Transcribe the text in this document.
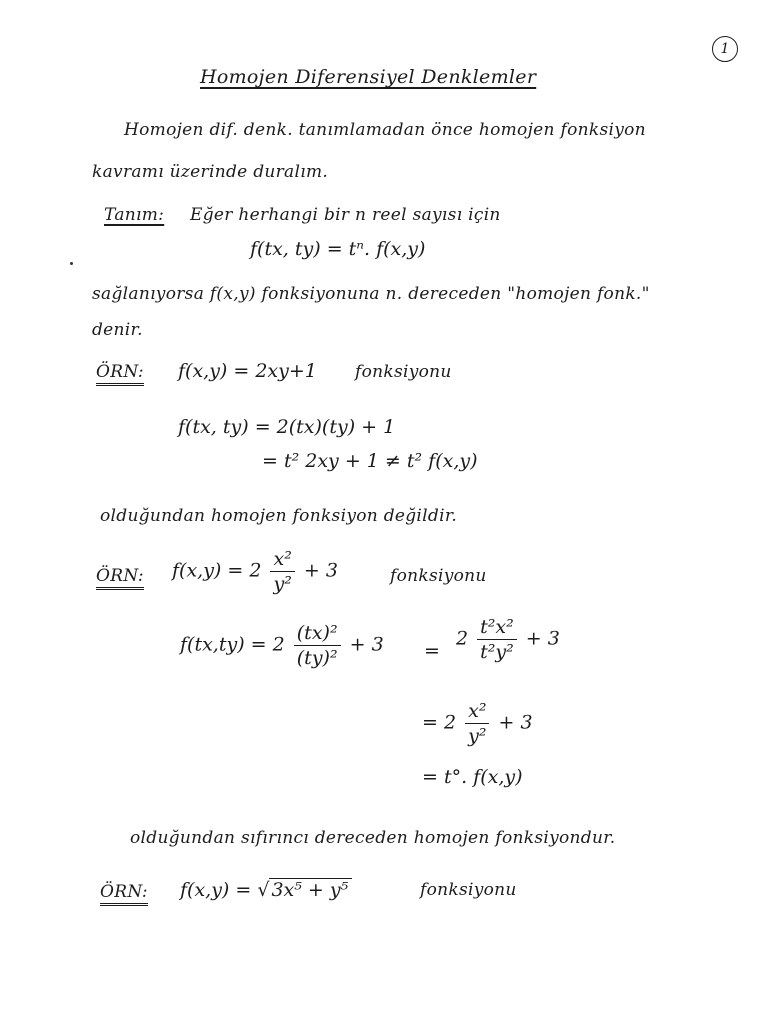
1
Homojen Diferensiyel Denklemler
Homojen dif. denk. tanımlamadan önce homojen fonksiyon
kavramı üzerinde duralım.
Tanım: Eğer herhangi bir n reel sayısı için
f(tx, ty) = tⁿ. f(x,y)
sağlanıyorsa f(x,y) fonksiyonuna n. dereceden "homojen fonk."
denir.
ÖRN: f(x,y) = 2xy+1 fonksiyonu
f(tx, ty) = 2(tx)(ty) + 1
= t² 2xy + 1 ≠ t² f(x,y)
olduğundan homojen fonksiyon değildir.
ÖRN: $f(x,y) = 2 \frac{\text{x²}}{\text{y²}} + 3$	fonksiyonu
$f(tx,ty) = 2 \frac{\text{(tx)²}}{\text{(ty)²}} + 3$ =
$2 \frac{\text{t²x²}}{\text{t²y²}} + 3$
= $2 \frac{\text{x²}}{\text{y²}} + 3$
= t°. f(x,y)
olduğundan sıfırıncı dereceden homojen fonksiyondur.
ÖRN: f(x,y) = √ 3x⁵ + y⁵	fonksiyonu
